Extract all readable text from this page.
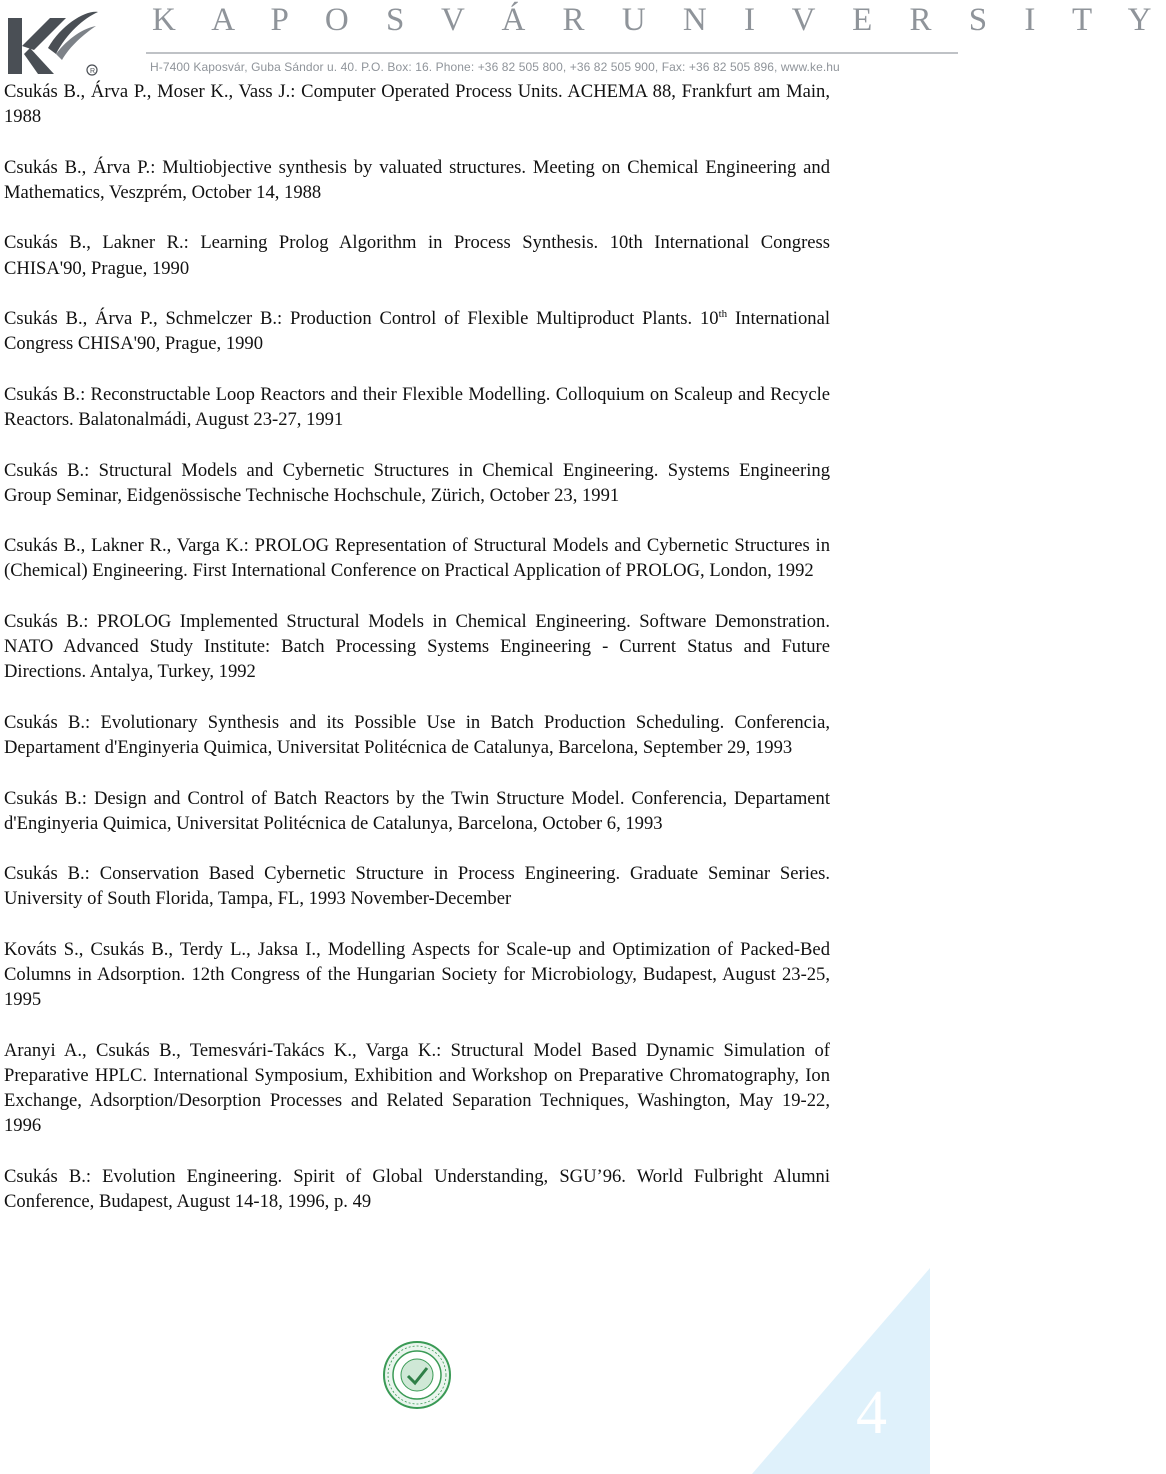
R
K A P O S V Á R U N I V E R S I T Y
H-7400 Kaposvár, Guba Sándor u. 40. P.O. Box: 16. Phone: +36 82 505 800, +36 82 505 900, Fax: +36 82 505 896, www.ke.hu

Csukás B., Árva P., Moser K., Vass J.: Computer Operated Process Units. ACHEMA 88, Frankfurt am Main, 1988

Csukás B., Árva P.: Multiobjective synthesis by valuated structures. Meeting on Chemical Engineering and Mathematics, Veszprém, October 14, 1988

Csukás B., Lakner R.: Learning Prolog Algorithm in Process Synthesis. 10th International Congress CHISA'90, Prague, 1990

Csukás B., Árva P., Schmelczer B.: Production Control of Flexible Multiproduct Plants. 10th International Congress CHISA'90, Prague, 1990

Csukás B.: Reconstructable Loop Reactors and their Flexible Modelling. Colloquium on Scaleup and Recycle Reactors. Balatonalmádi, August 23-27, 1991

Csukás B.: Structural Models and Cybernetic Structures in Chemical Engineering. Systems Engineering Group Seminar, Eidgenössische Technische Hochschule, Zürich, October 23, 1991

Csukás B., Lakner R., Varga K.: PROLOG Representation of Structural Models and Cybernetic Structures in (Chemical) Engineering. First International Conference on Practical Application of PROLOG, London, 1992

Csukás B.: PROLOG Implemented Structural Models in Chemical Engineering. Software Demonstration. NATO Advanced Study Institute: Batch Processing Systems Engineering - Current Status and Future Directions. Antalya, Turkey, 1992

Csukás B.: Evolutionary Synthesis and its Possible Use in Batch Production Scheduling. Conferencia, Departament d'Enginyeria Quimica, Universitat Politécnica de Catalunya, Barcelona, September 29, 1993

Csukás B.: Design and Control of Batch Reactors by the Twin Structure Model. Conferencia, Departament d'Enginyeria Quimica, Universitat Politécnica de Catalunya, Barcelona, October 6, 1993

Csukás B.: Conservation Based Cybernetic Structure in Process Engineering. Graduate Seminar Series. University of South Florida, Tampa, FL, 1993 November-December

Kováts S., Csukás B., Terdy L., Jaksa I., Modelling Aspects for Scale-up and Optimization of Packed-Bed Columns in Adsorption. 12th Congress of the Hungarian Society for Microbiology, Budapest, August 23-25, 1995

Aranyi A., Csukás B., Temesvári-Takács K., Varga K.: Structural Model Based Dynamic Simulation of Preparative HPLC. International Symposium, Exhibition and Workshop on Preparative Chromatography, Ion Exchange, Adsorption/Desorption Processes and Related Separation Techniques, Washington, May 19-22, 1996

Csukás B.: Evolution Engineering. Spirit of Global Understanding, SGU’96. World Fulbright Alumni Conference, Budapest, August 14-18, 1996, p. 49

4
